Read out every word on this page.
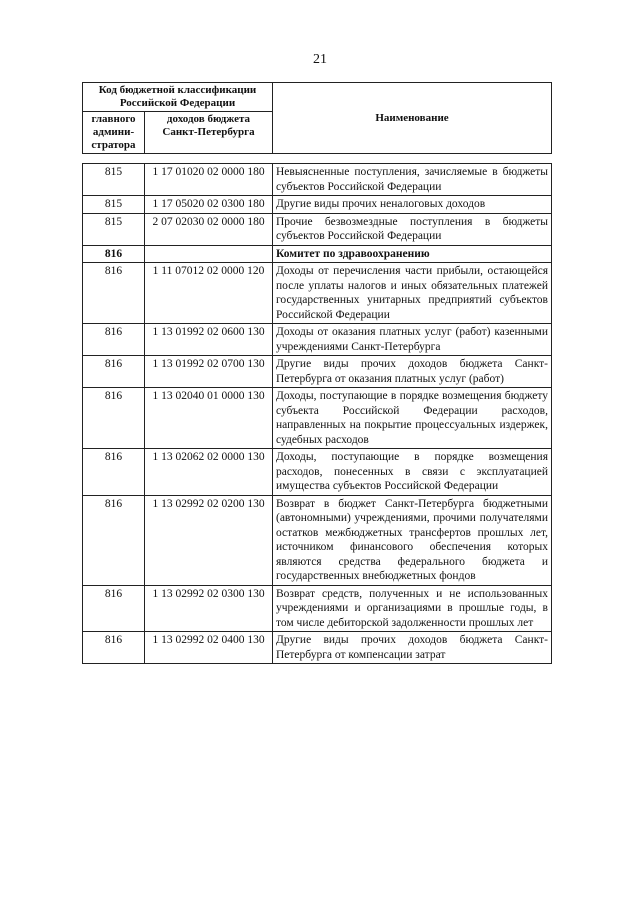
21
Код бюджетной классификации Российской Федерации		Наименование
главного админи-стратора	доходов бюджета Санкт-Петербурга	
815	1 17 01020 02 0000 180	Невыясненные поступления, зачисляемые в бюджеты субъектов Российской Федерации
815	1 17 05020 02 0300 180	Другие виды прочих неналоговых доходов
815	2 07 02030 02 0000 180	Прочие безвозмездные поступления в бюджеты субъектов Российской Федерации
816		Комитет по здравоохранению
816	1 11 07012 02 0000 120	Доходы от перечисления части прибыли, остающейся после уплаты налогов и иных обязательных платежей государственных унитарных предприятий субъектов Российской Федерации
816	1 13 01992 02 0600 130	Доходы от оказания платных услуг (работ) казенными учреждениями Санкт-Петербурга
816	1 13 01992 02 0700 130	Другие виды прочих доходов бюджета Санкт-Петербурга от оказания платных услуг (работ)
816	1 13 02040 01 0000 130	Доходы, поступающие в порядке возмещения бюджету субъекта Российской Федерации расходов, направленных на покрытие процессуальных издержек, судебных расходов
816	1 13 02062 02 0000 130	Доходы, поступающие в порядке возмещения расходов, понесенных в связи с эксплуатацией имущества субъектов Российской Федерации
816	1 13 02992 02 0200 130	Возврат в бюджет Санкт-Петербурга бюджетными (автономными) учреждениями, прочими получателями остатков межбюджетных трансфертов прошлых лет, источником финансового обеспечения которых являются средства федерального бюджета и государственных внебюджетных фондов
816	1 13 02992 02 0300 130	Возврат средств, полученных и не использованных учреждениями и организациями в прошлые годы, в том числе дебиторской задолженности прошлых лет
816	1 13 02992 02 0400 130	Другие виды прочих доходов бюджета Санкт-Петербурга от компенсации затрат
